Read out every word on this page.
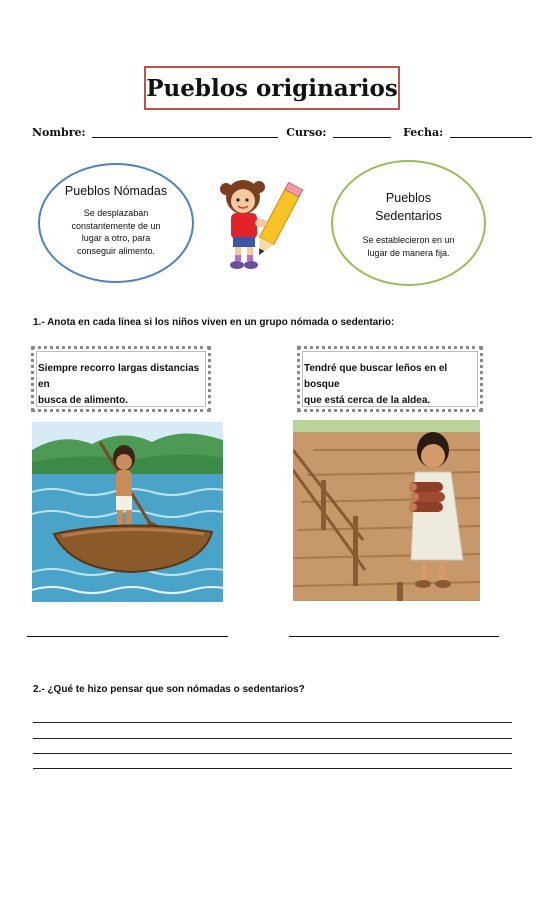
Pueblos originarios
Nombre:	Curso:	Fecha:
Pueblos Nómadas
Se desplazaban
constantemente de un
lugar a otro, para
conseguir alimento.
Pueblos
Sedentarios
Se establecieron en un
lugar de manera fija.
1.- Anota en cada línea si los niños viven en un grupo nómada o sedentario:
Siempre recorro largas distancias en
busca de alimento.
Tendré que buscar leños en el bosque
que está cerca de la aldea.
2.- ¿Qué te hizo pensar que son nómadas o sedentarios?
